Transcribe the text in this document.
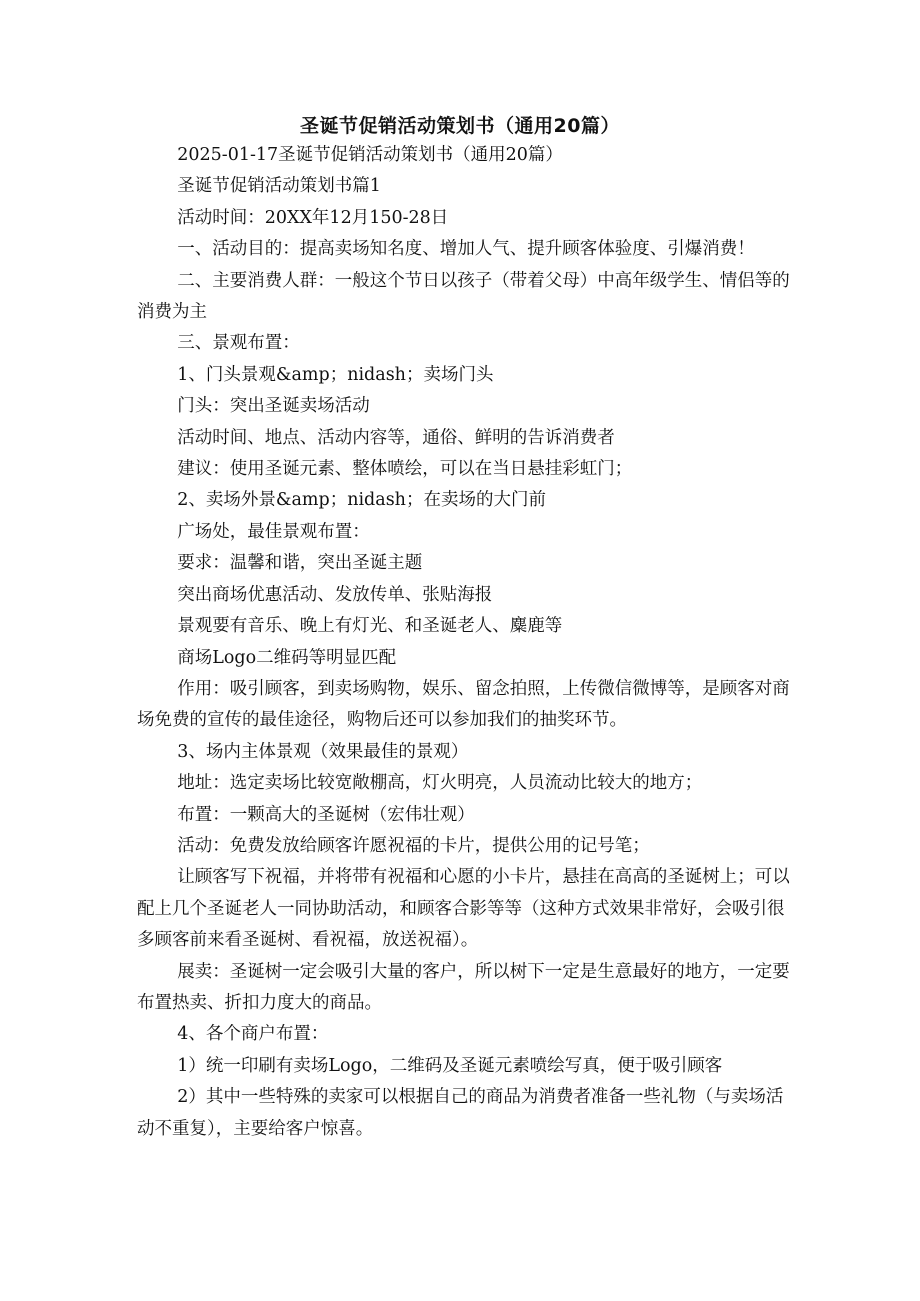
圣诞节促销活动策划书（通用20篇）

2025-01-17圣诞节促销活动策划书（通用20篇）

圣诞节促销活动策划书篇1

活动时间：20XX年12月150-28日

一、活动目的：提高卖场知名度、增加人气、提升顾客体验度、引爆消费！

二、主要消费人群：一般这个节日以孩子（带着父母）中高年级学生、情侣等的消费为主

三、景观布置：

1、门头景观&amp；nidash；卖场门头

门头：突出圣诞卖场活动

活动时间、地点、活动内容等，通俗、鲜明的告诉消费者

建议：使用圣诞元素、整体喷绘，可以在当日悬挂彩虹门；

2、卖场外景&amp；nidash；在卖场的大门前

广场处，最佳景观布置：

要求：温馨和谐，突出圣诞主题

突出商场优惠活动、发放传单、张贴海报

景观要有音乐、晚上有灯光、和圣诞老人、麋鹿等

商场Logo二维码等明显匹配

作用：吸引顾客，到卖场购物，娱乐、留念拍照，上传微信微博等，是顾客对商场免费的宣传的最佳途径，购物后还可以参加我们的抽奖环节。

3、场内主体景观（效果最佳的景观）

地址：选定卖场比较宽敞棚高，灯火明亮，人员流动比较大的地方；

布置：一颗高大的圣诞树（宏伟壮观）

活动：免费发放给顾客许愿祝福的卡片，提供公用的记号笔；

让顾客写下祝福，并将带有祝福和心愿的小卡片，悬挂在高高的圣诞树上；可以配上几个圣诞老人一同协助活动，和顾客合影等等（这种方式效果非常好，会吸引很多顾客前来看圣诞树、看祝福，放送祝福）。

展卖：圣诞树一定会吸引大量的客户，所以树下一定是生意最好的地方，一定要布置热卖、折扣力度大的商品。

4、各个商户布置：

1）统一印刷有卖场Logo，二维码及圣诞元素喷绘写真，便于吸引顾客

2）其中一些特殊的卖家可以根据自己的商品为消费者准备一些礼物（与卖场活动不重复），主要给客户惊喜。
